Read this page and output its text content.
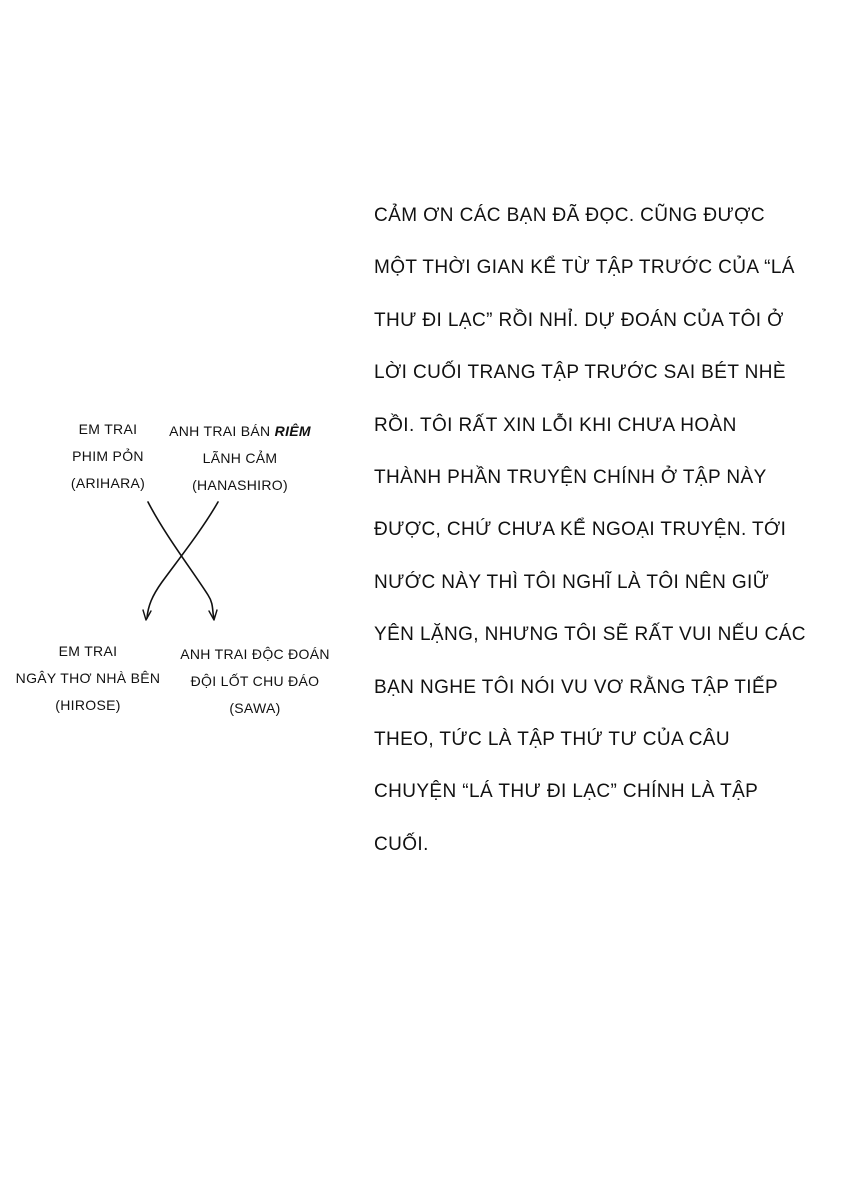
EM TRAI
PHIM PỎN
(ARIHARA)
ANH TRAI BÁN RIÊM
LÃNH CẢM
(HANASHIRO)
EM TRAI
NGÂY THƠ NHÀ BÊN
(HIROSE)
ANH TRAI ĐỘC ĐOÁN
ĐỘI LỐT CHU ĐÁO
(SAWA)
CẢM ƠN CÁC BẠN ĐÃ ĐỌC. CŨNG ĐƯỢC
MỘT THỜI GIAN KỂ TỪ TẬP TRƯỚC CỦA “LÁ
THƯ ĐI LẠC” RỒI NHỈ. DỰ ĐOÁN CỦA TÔI Ở
LỜI CUỐI TRANG TẬP TRƯỚC SAI BÉT NHÈ
RỒI. TÔI RẤT XIN LỖI KHI CHƯA HOÀN
THÀNH PHẦN TRUYỆN CHÍNH Ở TẬP NÀY
ĐƯỢC, CHỨ CHƯA KỂ NGOẠI TRUYỆN. TỚI
NƯỚC NÀY THÌ TÔI NGHĨ LÀ TÔI NÊN GIỮ
YÊN LẶNG, NHƯNG TÔI SẼ RẤT VUI NẾU CÁC
BẠN NGHE TÔI NÓI VU VƠ RẰNG TẬP TIẾP
THEO, TỨC LÀ TẬP THỨ TƯ CỦA CÂU
CHUYỆN “LÁ THƯ ĐI LẠC” CHÍNH LÀ TẬP
CUỐI.
